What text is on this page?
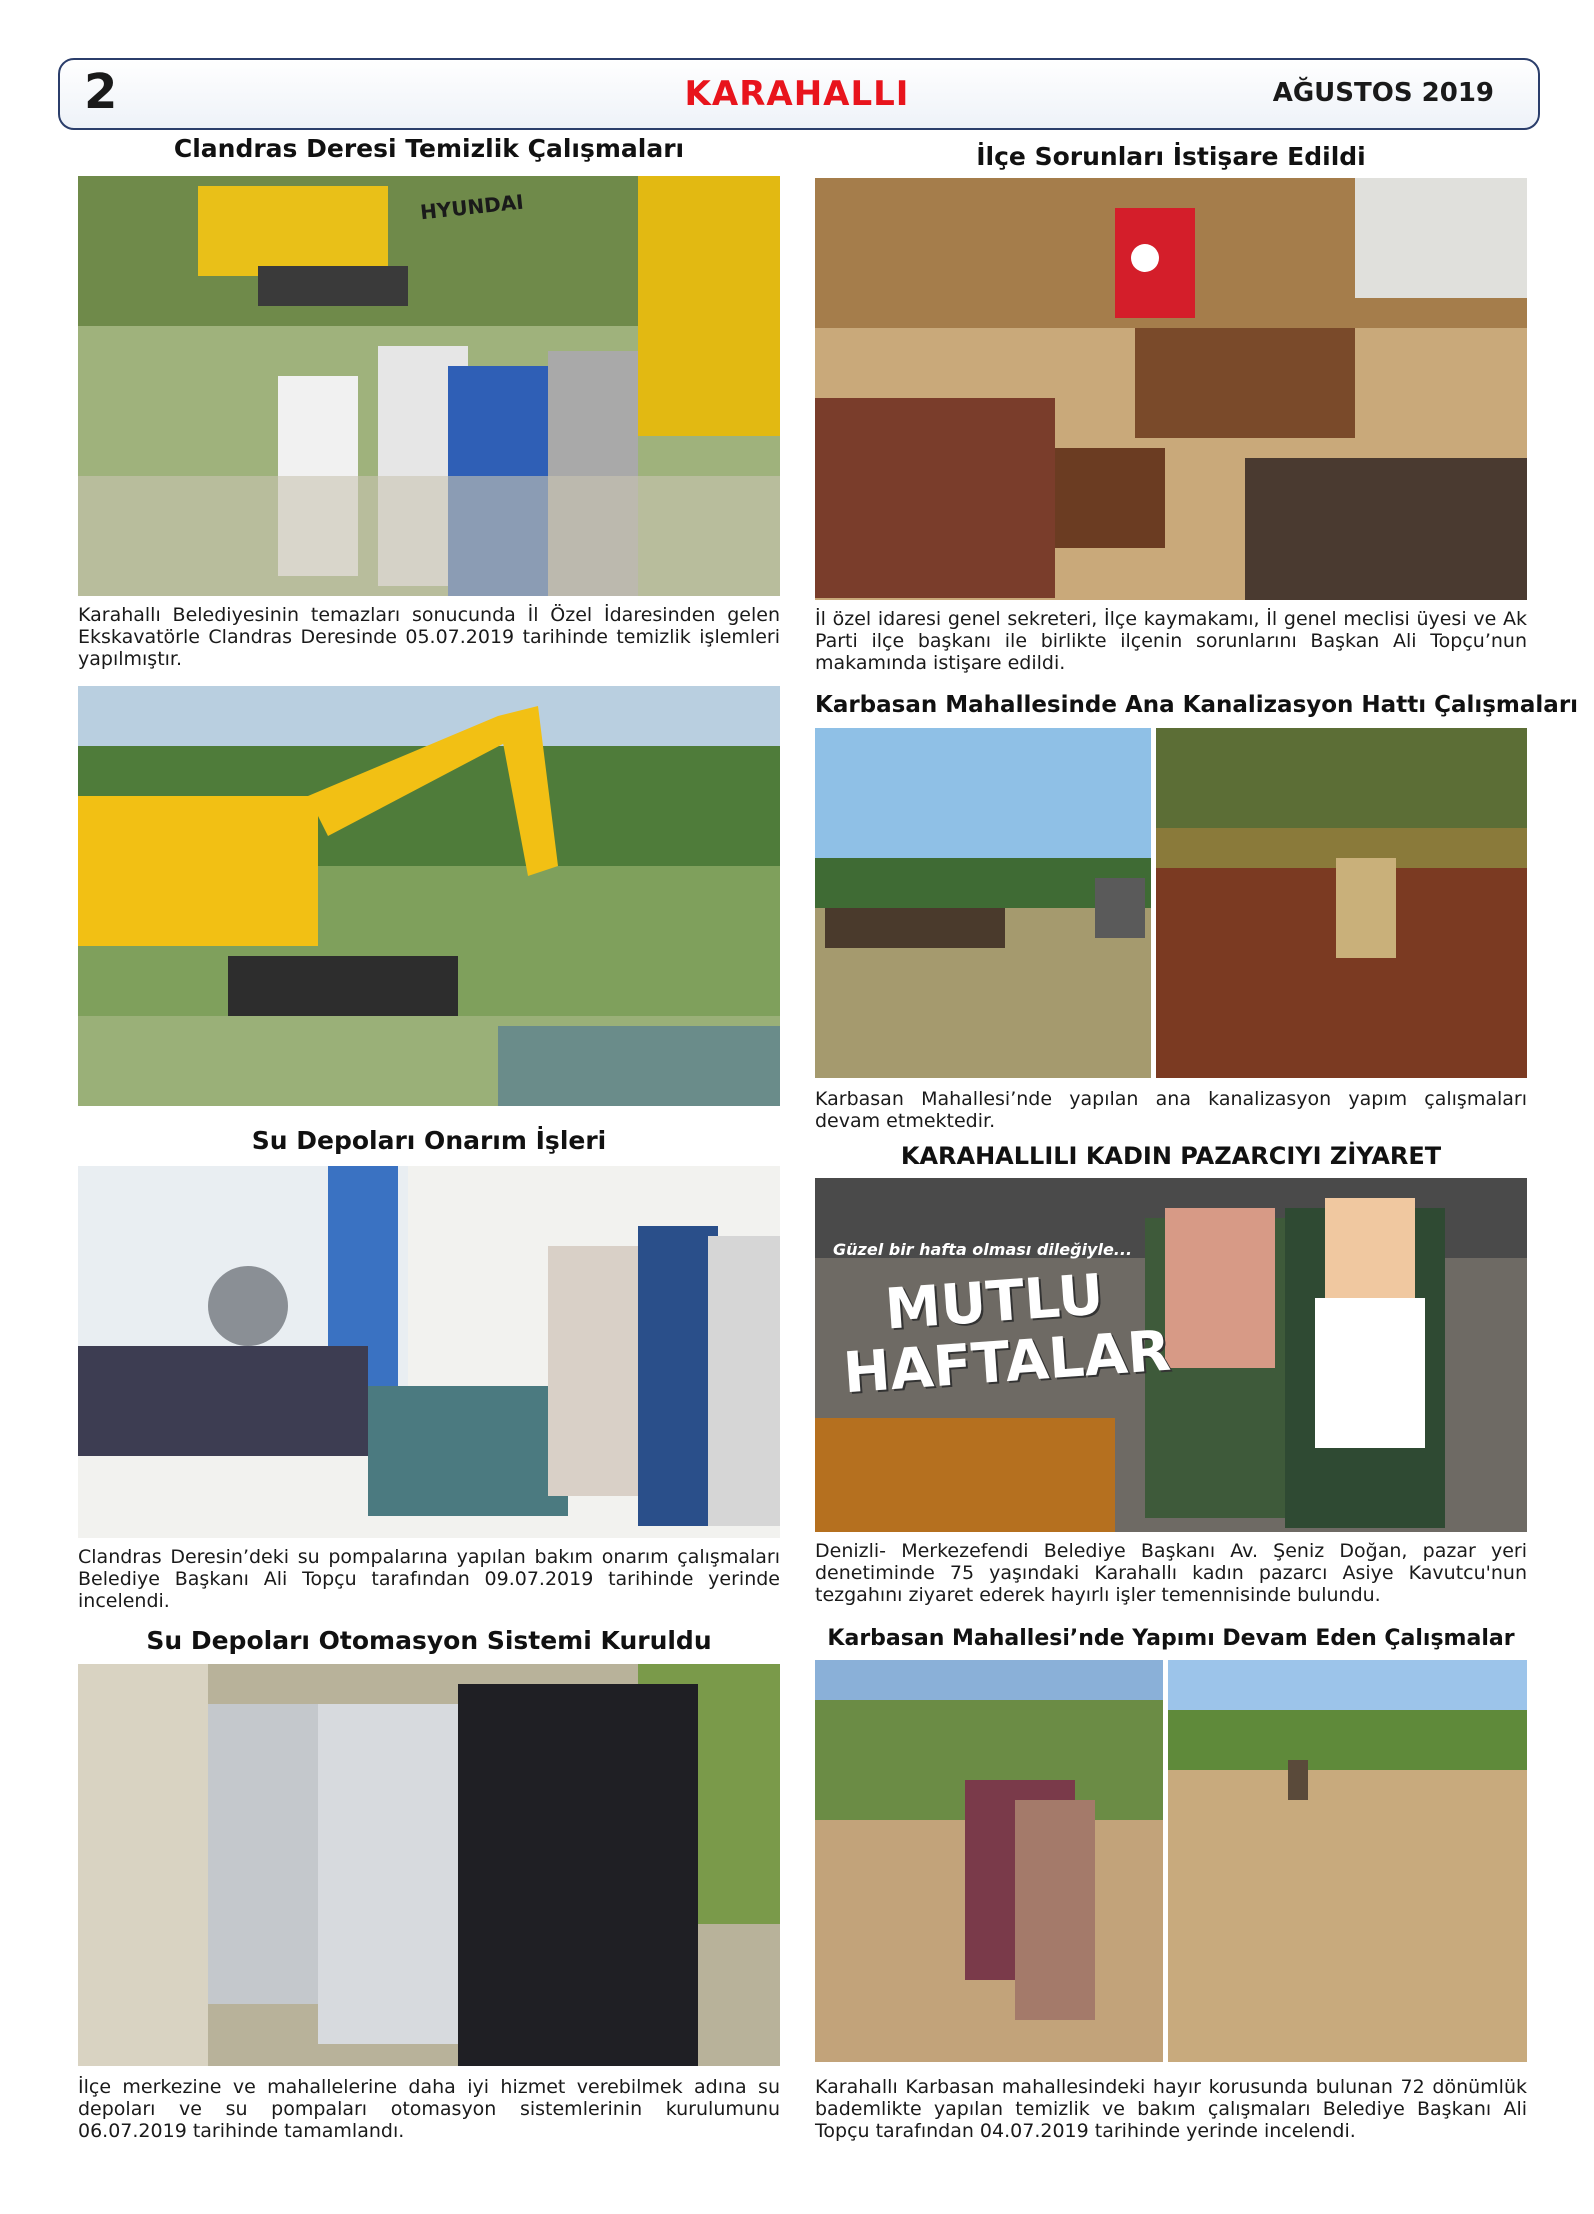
2	KARAHALLI	AĞUSTOS 2019
Clandras Deresi Temizlik Çalışmaları
Karahallı Belediyesinin temazları sonucunda İl Özel İdaresinden gelen Ekskavatörle Clandras Deresinde 05.07.2019 tarihinde temizlik işlemleri yapılmıştır.
Su Depoları Onarım İşleri
Clandras Deresin’deki su pompalarına yapılan bakım onarım çalışmaları Belediye Başkanı Ali Topçu tarafından 09.07.2019 tarihinde yerinde incelendi.
Su Depoları Otomasyon Sistemi Kuruldu
İlçe merkezine ve mahallelerine daha iyi hizmet verebilmek adına su depoları ve su pompaları otomasyon sistemlerinin kurulumunu 06.07.2019 tarihinde tamamlandı.
İlçe Sorunları İstişare Edildi
İl özel idaresi genel sekreteri, İlçe kaymakamı, İl genel meclisi üyesi ve Ak Parti ilçe başkanı ile birlikte ilçenin sorunlarını Başkan Ali Topçu’nun makamında istişare edildi.
Karbasan Mahallesinde Ana Kanalizasyon Hattı Çalışmaları
Karbasan Mahallesi’nde yapılan ana kanalizasyon yapım çalışmaları devam etmektedir.
KARAHALLILI KADIN PAZARCIYI ZİYARET
Güzel bir hafta olması dileğiyle...
MUTLU
HAFTALAR
Denizli- Merkezefendi Belediye Başkanı Av. Şeniz Doğan, pazar yeri denetiminde 75 yaşındaki Karahallı kadın pazarcı Asiye Kavutcu'nun tezgahını ziyaret ederek hayırlı işler temennisinde bulundu.
Karbasan Mahallesi’nde Yapımı Devam Eden Çalışmalar
Karahallı Karbasan mahallesindeki hayır korusunda bulunan 72 dönümlük bademlikte yapılan temizlik ve bakım çalışmaları Belediye Başkanı Ali Topçu tarafından 04.07.2019 tarihinde yerinde incelendi.
HYUNDAI
